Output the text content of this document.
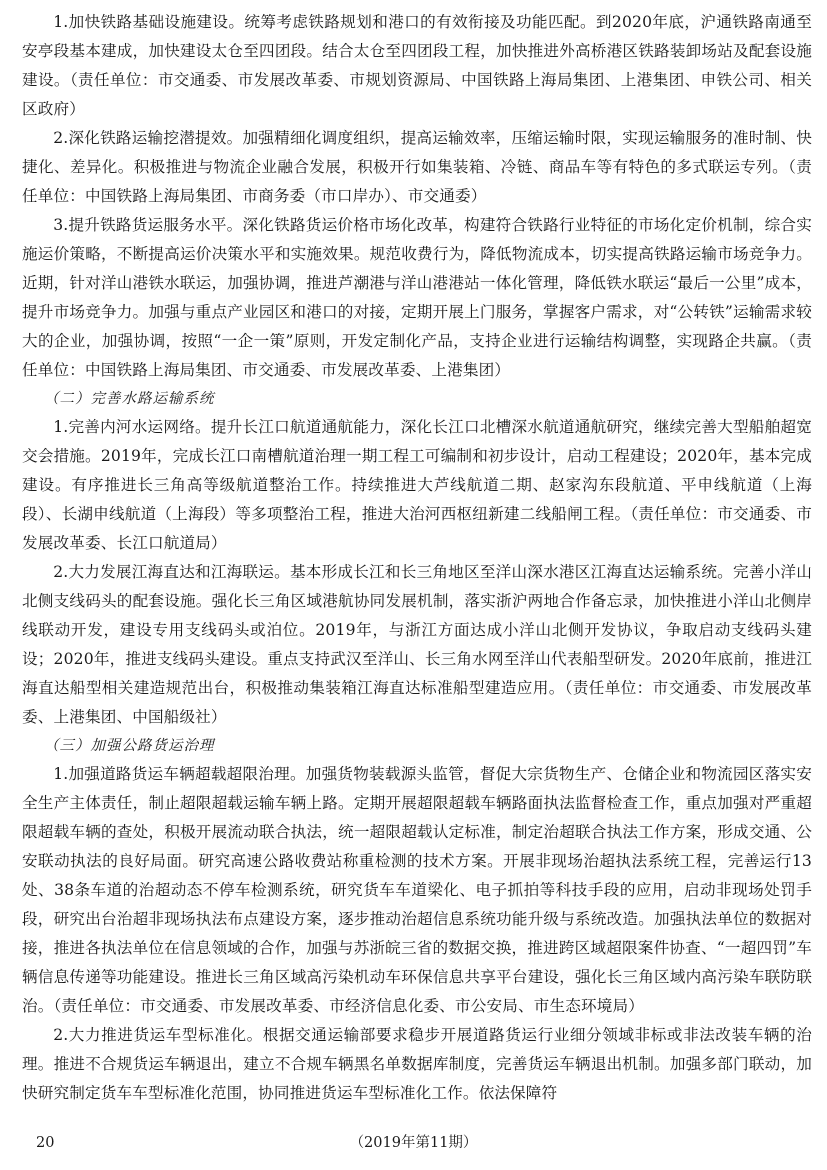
1.加快铁路基础设施建设。统筹考虑铁路规划和港口的有效衔接及功能匹配。到2020年底，沪通铁路南通至安亭段基本建成，加快建设太仓至四团段。结合太仓至四团段工程，加快推进外高桥港区铁路装卸场站及配套设施建设。（责任单位：市交通委、市发展改革委、市规划资源局、中国铁路上海局集团、上港集团、申铁公司、相关区政府）

2.深化铁路运输挖潜提效。加强精细化调度组织，提高运输效率，压缩运输时限，实现运输服务的准时制、快捷化、差异化。积极推进与物流企业融合发展，积极开行如集装箱、冷链、商品车等有特色的多式联运专列。（责任单位：中国铁路上海局集团、市商务委（市口岸办）、市交通委）

3.提升铁路货运服务水平。深化铁路货运价格市场化改革，构建符合铁路行业特征的市场化定价机制，综合实施运价策略，不断提高运价决策水平和实施效果。规范收费行为，降低物流成本，切实提高铁路运输市场竞争力。近期，针对洋山港铁水联运，加强协调，推进芦潮港与洋山港港站一体化管理，降低铁水联运“最后一公里”成本，提升市场竞争力。加强与重点产业园区和港口的对接，定期开展上门服务，掌握客户需求，对“公转铁”运输需求较大的企业，加强协调，按照“一企一策”原则，开发定制化产品，支持企业进行运输结构调整，实现路企共赢。（责任单位：中国铁路上海局集团、市交通委、市发展改革委、上港集团）

（二）完善水路运输系统

1.完善内河水运网络。提升长江口航道通航能力，深化长江口北槽深水航道通航研究，继续完善大型船舶超宽交会措施。2019年，完成长江口南槽航道治理一期工程工可编制和初步设计，启动工程建设；2020年，基本完成建设。有序推进长三角高等级航道整治工作。持续推进大芦线航道二期、赵家沟东段航道、平申线航道（上海段）、长湖申线航道（上海段）等多项整治工程，推进大治河西枢纽新建二线船闸工程。（责任单位：市交通委、市发展改革委、长江口航道局）

2.大力发展江海直达和江海联运。基本形成长江和长三角地区至洋山深水港区江海直达运输系统。完善小洋山北侧支线码头的配套设施。强化长三角区域港航协同发展机制，落实浙沪两地合作备忘录，加快推进小洋山北侧岸线联动开发，建设专用支线码头或泊位。2019年，与浙江方面达成小洋山北侧开发协议，争取启动支线码头建设；2020年，推进支线码头建设。重点支持武汉至洋山、长三角水网至洋山代表船型研发。2020年底前，推进江海直达船型相关建造规范出台，积极推动集装箱江海直达标准船型建造应用。（责任单位：市交通委、市发展改革委、上港集团、中国船级社）

（三）加强公路货运治理

1.加强道路货运车辆超载超限治理。加强货物装载源头监管，督促大宗货物生产、仓储企业和物流园区落实安全生产主体责任，制止超限超载运输车辆上路。定期开展超限超载车辆路面执法监督检查工作，重点加强对严重超限超载车辆的查处，积极开展流动联合执法，统一超限超载认定标准，制定治超联合执法工作方案，形成交通、公安联动执法的良好局面。研究高速公路收费站称重检测的技术方案。开展非现场治超执法系统工程，完善运行13处、38条车道的治超动态不停车检测系统，研究货车车道梁化、电子抓拍等科技手段的应用，启动非现场处罚手段，研究出台治超非现场执法布点建设方案，逐步推动治超信息系统功能升级与系统改造。加强执法单位的数据对接，推进各执法单位在信息领域的合作，加强与苏浙皖三省的数据交换，推进跨区域超限案件协查、“一超四罚”车辆信息传递等功能建设。推进长三角区域高污染机动车环保信息共享平台建设，强化长三角区域内高污染车联防联治。（责任单位：市交通委、市发展改革委、市经济信息化委、市公安局、市生态环境局）

2.大力推进货运车型标准化。根据交通运输部要求稳步开展道路货运行业细分领域非标或非法改装车辆的治理。推进不合规货运车辆退出，建立不合规车辆黑名单数据库制度，完善货运车辆退出机制。加强多部门联动，加快研究制定货车车型标准化范围，协同推进货运车型标准化工作。依法保障符

20	（2019年第11期）
